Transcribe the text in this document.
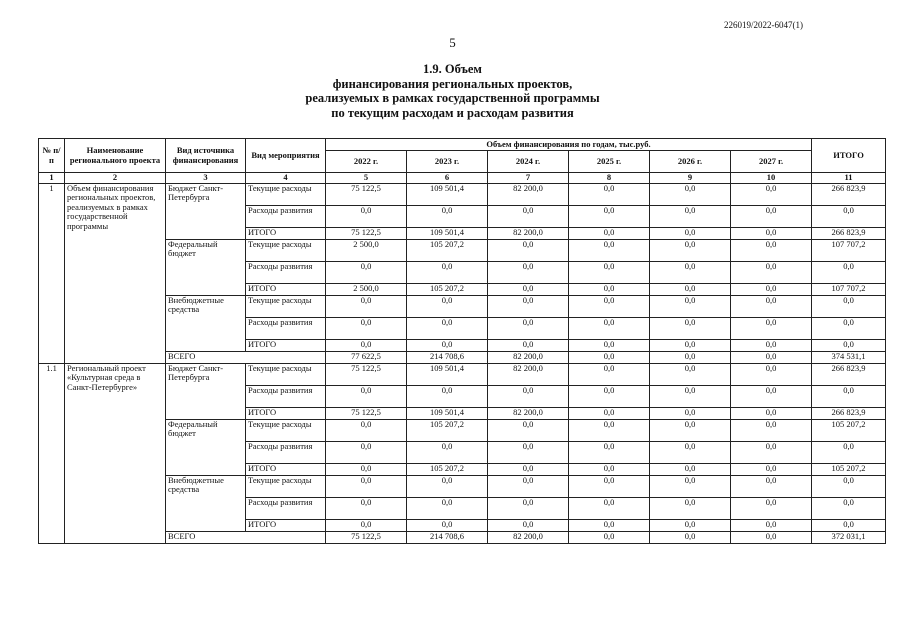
226019/2022-6047(1)
5
1.9. Объем
финансирования региональных проектов,
реализуемых в рамках государственной программы
по текущим расходам и расходам развития
№ п/п	Наименование регионального проекта	Вид источника финансирования	Вид мероприятия	Объем финансирования по годам, тыс.руб.						ИТОГО
				2022 г.	2023 г.	2024 г.	2025 г.	2026 г.	2027 г.	
1	2	3	4	5	6	7	8	9	10	11
1	Объем финансирования региональных проектов, реализуемых в рамках государственной программы	Бюджет Санкт-Петербурга	Текущие расходы	75 122,5	109 501,4	82 200,0	0,0	0,0	0,0	266 823,9
			Расходы развития	0,0	0,0	0,0	0,0	0,0	0,0	0,0
			ИТОГО	75 122,5	109 501,4	82 200,0	0,0	0,0	0,0	266 823,9
		Федеральный бюджет	Текущие расходы	2 500,0	105 207,2	0,0	0,0	0,0	0,0	107 707,2
			Расходы развития	0,0	0,0	0,0	0,0	0,0	0,0	0,0
			ИТОГО	2 500,0	105 207,2	0,0	0,0	0,0	0,0	107 707,2
		Внебюджетные средства	Текущие расходы	0,0	0,0	0,0	0,0	0,0	0,0	0,0
			Расходы развития	0,0	0,0	0,0	0,0	0,0	0,0	0,0
			ИТОГО	0,0	0,0	0,0	0,0	0,0	0,0	0,0
		ВСЕГО		77 622,5	214 708,6	82 200,0	0,0	0,0	0,0	374 531,1
1.1	Региональный проект «Культурная среда в Санкт-Петербурге»	Бюджет Санкт-Петербурга	Текущие расходы	75 122,5	109 501,4	82 200,0	0,0	0,0	0,0	266 823,9
			Расходы развития	0,0	0,0	0,0	0,0	0,0	0,0	0,0
			ИТОГО	75 122,5	109 501,4	82 200,0	0,0	0,0	0,0	266 823,9
		Федеральный бюджет	Текущие расходы	0,0	105 207,2	0,0	0,0	0,0	0,0	105 207,2
			Расходы развития	0,0	0,0	0,0	0,0	0,0	0,0	0,0
			ИТОГО	0,0	105 207,2	0,0	0,0	0,0	0,0	105 207,2
		Внебюджетные средства	Текущие расходы	0,0	0,0	0,0	0,0	0,0	0,0	0,0
			Расходы развития	0,0	0,0	0,0	0,0	0,0	0,0	0,0
			ИТОГО	0,0	0,0	0,0	0,0	0,0	0,0	0,0
		ВСЕГО		75 122,5	214 708,6	82 200,0	0,0	0,0	0,0	372 031,1
